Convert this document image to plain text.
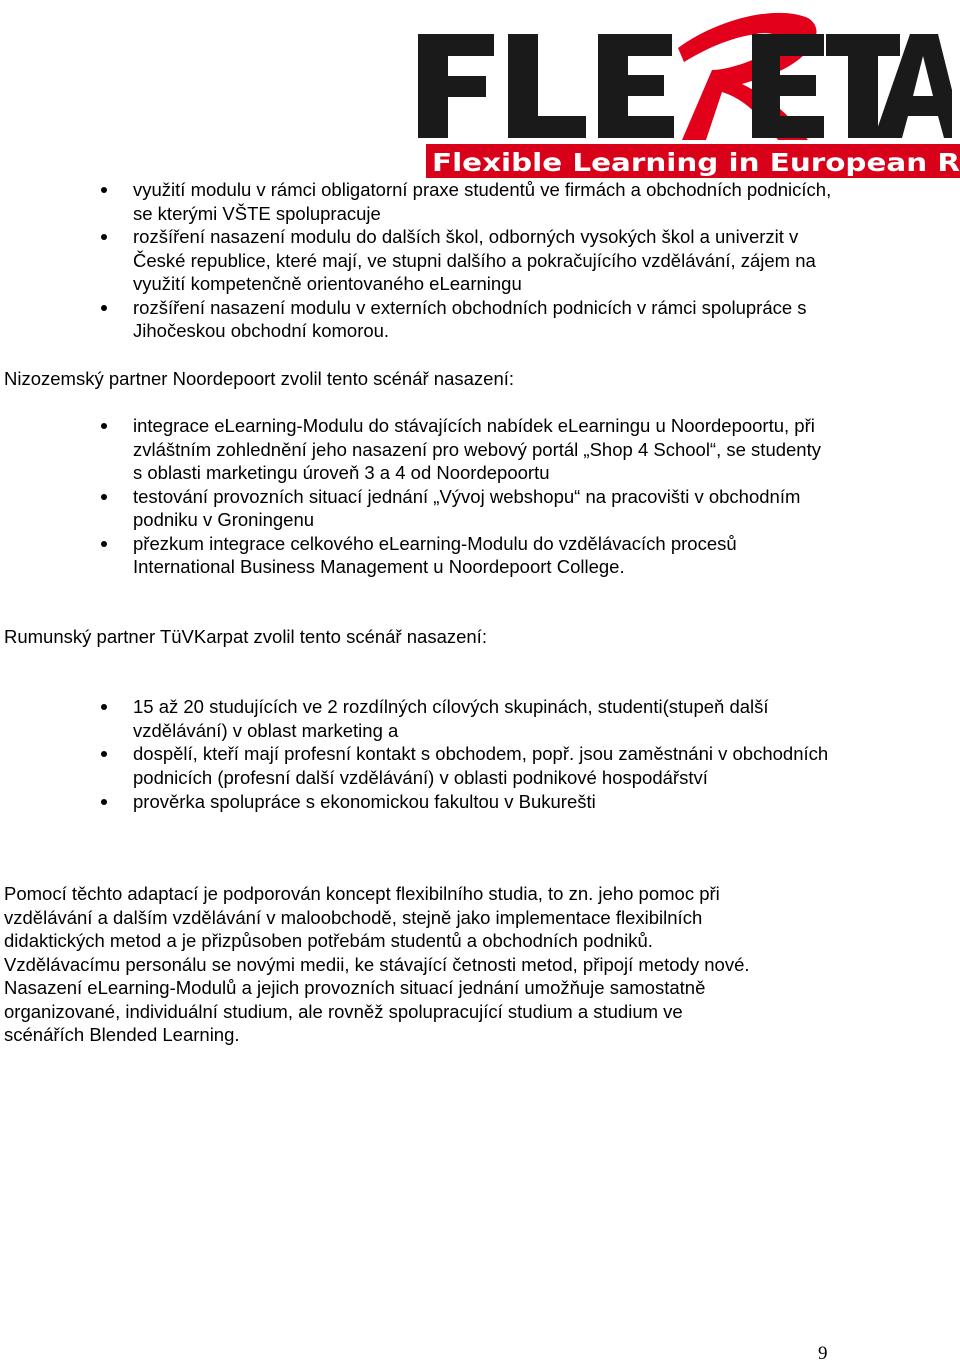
Flexible Learning in European R
využití modulu v rámci obligatorní praxe studentů ve firmách a obchodních podnicích, se kterými VŠTE spolupracuje
rozšíření nasazení modulu do dalších škol, odborných vysokých škol a univerzit v České republice, které mají, ve stupni dalšího a pokračujícího vzdělávání, zájem na využití kompetenčně orientovaného eLearningu
rozšíření nasazení modulu v externích obchodních podnicích v rámci spolupráce s Jihočeskou obchodní komorou.

Nizozemský partner Noordepoort zvolil tento scénář nasazení:

integrace eLearning-Modulu do stávajících nabídek eLearningu u Noordepoortu, při zvláštním zohlednění jeho nasazení pro webový portál „Shop 4 School“, se studenty s oblasti marketingu úroveň 3 a 4 od Noordepoortu
testování provozních situací jednání „Vývoj webshopu“ na pracovišti v obchodním podniku v Groningenu
přezkum integrace celkového eLearning-Modulu do vzdělávacích procesů International Business Management u Noordepoort College.

Rumunský partner TüVKarpat zvolil tento scénář nasazení:

15 až 20 studujících ve 2 rozdílných cílových skupinách, studenti(stupeň další vzdělávání) v oblast marketing a
dospělí, kteří mají profesní kontakt s obchodem, popř. jsou zaměstnáni v obchodních podnicích (profesní další vzdělávání) v oblasti podnikové hospodářství
prověrka spolupráce s ekonomickou fakultou v Bukurešti
Pomocí těchto adaptací je podporován koncept flexibilního studia, to zn. jeho pomoc při
vzdělávání a dalším vzdělávání v maloobchodě, stejně jako implementace flexibilních
didaktických metod a je přizpůsoben potřebám studentů a obchodních podniků.
Vzdělávacímu personálu se novými medii, ke stávající četnosti metod, připojí metody nové.
Nasazení eLearning-Modulů a jejich provozních situací jednání umožňuje samostatně
organizované, individuální studium, ale rovněž spolupracující studium a studium ve
scénářích Blended Learning.
9
